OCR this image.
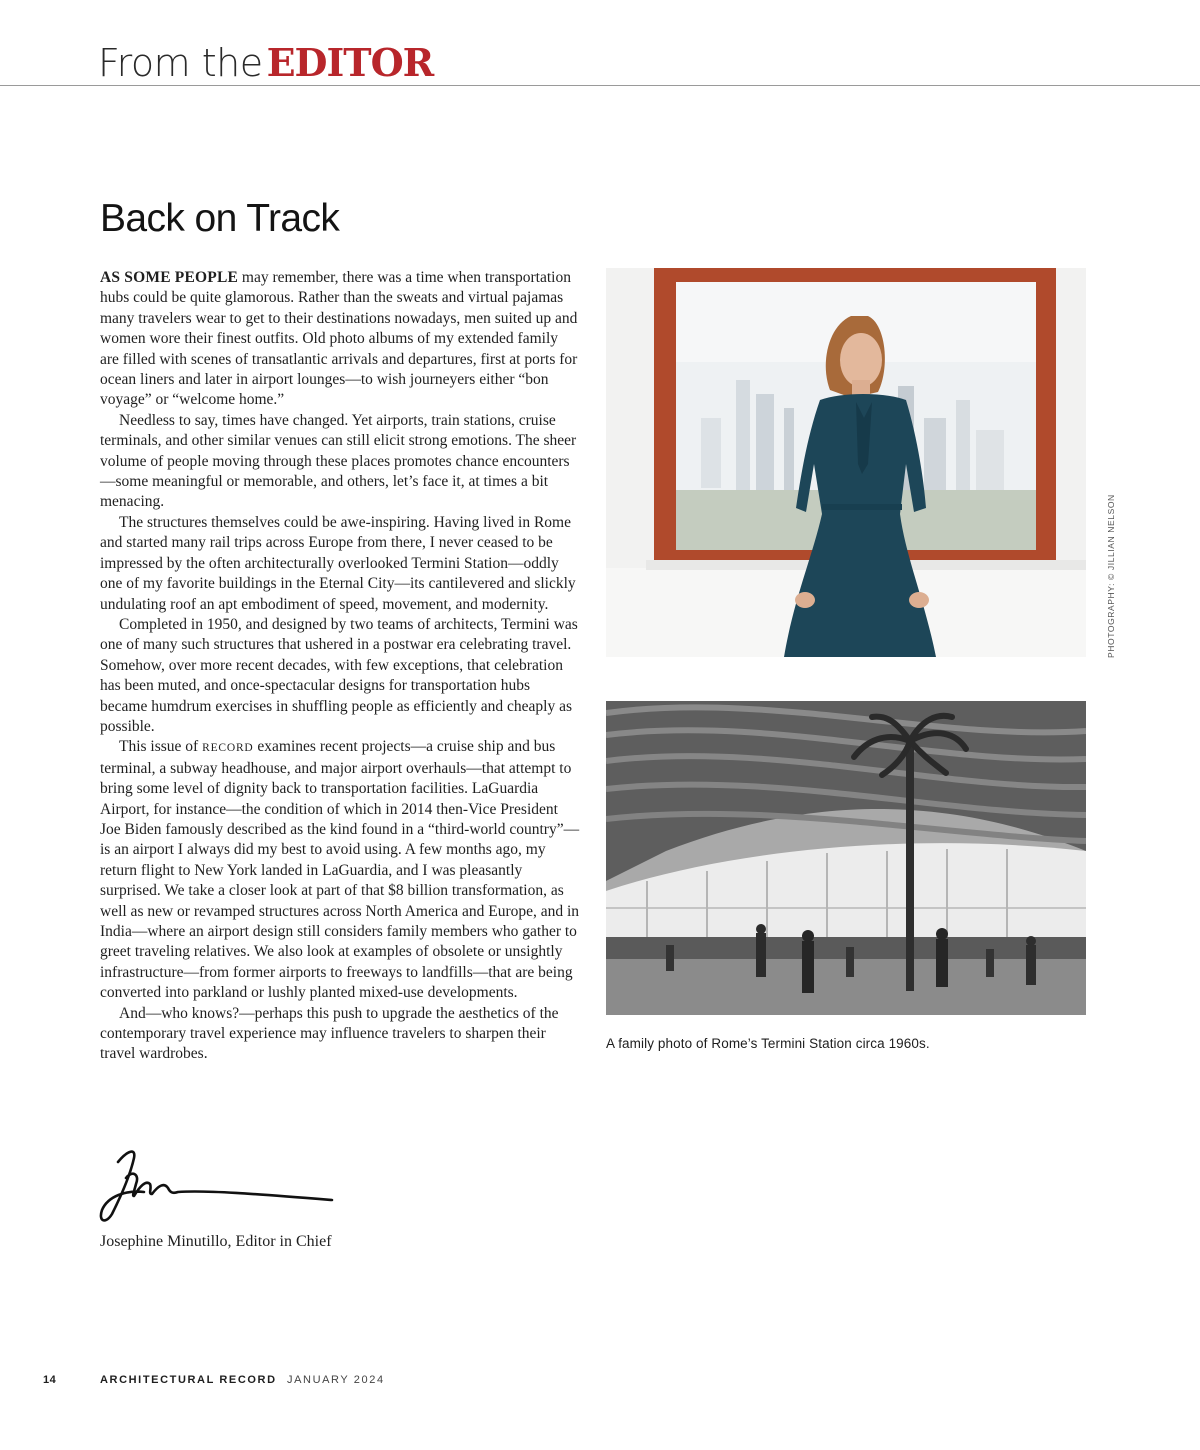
From the EDITOR
Back on Track

AS SOME PEOPLE may remember, there was a time when transportation hubs could be quite glamorous. Rather than the sweats and virtual pajamas many travelers wear to get to their destinations nowadays, men suited up and women wore their finest outfits. Old photo albums of my extended family are filled with scenes of transatlantic arrivals and departures, first at ports for ocean liners and later in airport lounges—to wish journeyers either “bon voyage” or “welcome home.”

Needless to say, times have changed. Yet airports, train stations, cruise terminals, and other similar venues can still elicit strong emotions. The sheer volume of people moving through these places promotes chance encounters—some meaningful or memorable, and others, let’s face it, at times a bit menacing.

The structures themselves could be awe-inspiring. Having lived in Rome and started many rail trips across Europe from there, I never ceased to be impressed by the often architecturally overlooked Termini Station—oddly one of my favorite buildings in the Eternal City—its cantilevered and slickly undulating roof an apt embodiment of speed, movement, and modernity.

Completed in 1950, and designed by two teams of architects, Termini was one of many such structures that ushered in a postwar era celebrating travel. Somehow, over more recent decades, with few exceptions, that celebration has been muted, and once-spectacular designs for transportation hubs became humdrum exercises in shuffling people as efficiently and cheaply as possible.

This issue of RECORD examines recent projects—a cruise ship and bus terminal, a subway headhouse, and major airport overhauls—that attempt to bring some level of dignity back to transportation facilities. LaGuardia Airport, for instance—the condition of which in 2014 then-Vice President Joe Biden famously described as the kind found in a “third-world country”—is an airport I always did my best to avoid using. A few months ago, my return flight to New York landed in LaGuardia, and I was pleasantly surprised. We take a closer look at part of that $8 billion transformation, as well as new or revamped structures across North America and Europe, and in India—where an airport design still considers family members who gather to greet traveling relatives. We also look at examples of obsolete or unsightly infrastructure—from former airports to freeways to landfills—that are being converted into parkland or lushly planted mixed-use developments.

And—who knows?—perhaps this push to upgrade the aesthetics of the contemporary travel experience may influence travelers to sharpen their travel wardrobes.

Josephine Minutillo, Editor in Chief
PHOTOGRAPHY: © JILLIAN NELSON
A family photo of Rome’s Termini Station circa 1960s.
14	ARCHITECTURAL RECORD JANUARY 2024
